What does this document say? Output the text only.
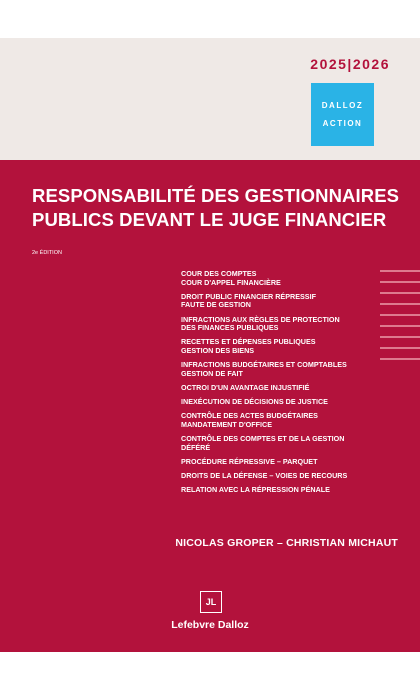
2025|2026
DALLOZ
ACTION
RESPONSABILITÉ DES GESTIONNAIRES
PUBLICS DEVANT LE JUGE FINANCIER
2e ÉDITION
COUR DES COMPTES
COUR D'APPEL FINANCIÈRE
DROIT PUBLIC FINANCIER RÉPRESSIF
FAUTE DE GESTION
INFRACTIONS AUX RÈGLES DE PROTECTION
DES FINANCES PUBLIQUES
RECETTES ET DÉPENSES PUBLIQUES
GESTION DES BIENS
INFRACTIONS BUDGÉTAIRES ET COMPTABLES
GESTION DE FAIT
OCTROI D'UN AVANTAGE INJUSTIFIÉ
INEXÉCUTION DE DÉCISIONS DE JUSTICE
CONTRÔLE DES ACTES BUDGÉTAIRES
MANDATEMENT D'OFFICE
CONTRÔLE DES COMPTES ET DE LA GESTION
DÉFÉRÉ
PROCÉDURE RÉPRESSIVE – PARQUET
DROITS DE LA DÉFENSE – VOIES DE RECOURS
RELATION AVEC LA RÉPRESSION PÉNALE
NICOLAS GROPER – CHRISTIAN MICHAUT
JL
Lefebvre Dalloz
